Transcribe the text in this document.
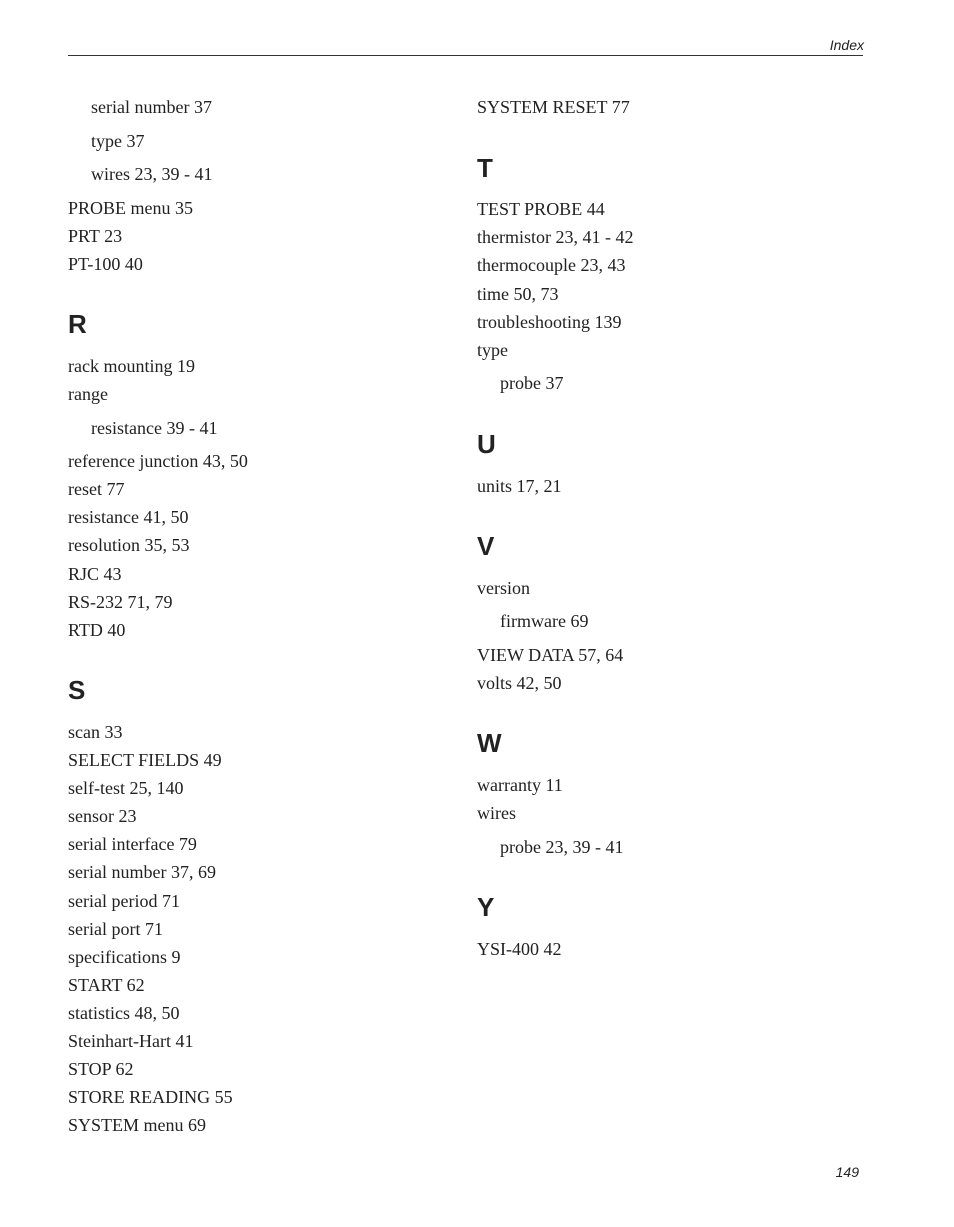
Index
serial number 37
type 37
wires 23, 39 - 41
PROBE menu 35
PRT 23
PT-100 40
R
rack mounting 19
range
resistance 39 - 41
reference junction 43, 50
reset 77
resistance 41, 50
resolution 35, 53
RJC 43
RS-232 71, 79
RTD 40
S
scan 33
SELECT FIELDS 49
self-test 25, 140
sensor 23
serial interface 79
serial number 37, 69
serial period 71
serial port 71
specifications 9
START 62
statistics 48, 50
Steinhart-Hart 41
STOP 62
STORE READING 55
SYSTEM menu 69
SYSTEM RESET 77
T
TEST PROBE 44
thermistor 23, 41 - 42
thermocouple 23, 43
time 50, 73
troubleshooting 139
type
probe 37
U
units 17, 21
V
version
firmware 69
VIEW DATA 57, 64
volts 42, 50
W
warranty 11
wires
probe 23, 39 - 41
Y
YSI-400 42
149
